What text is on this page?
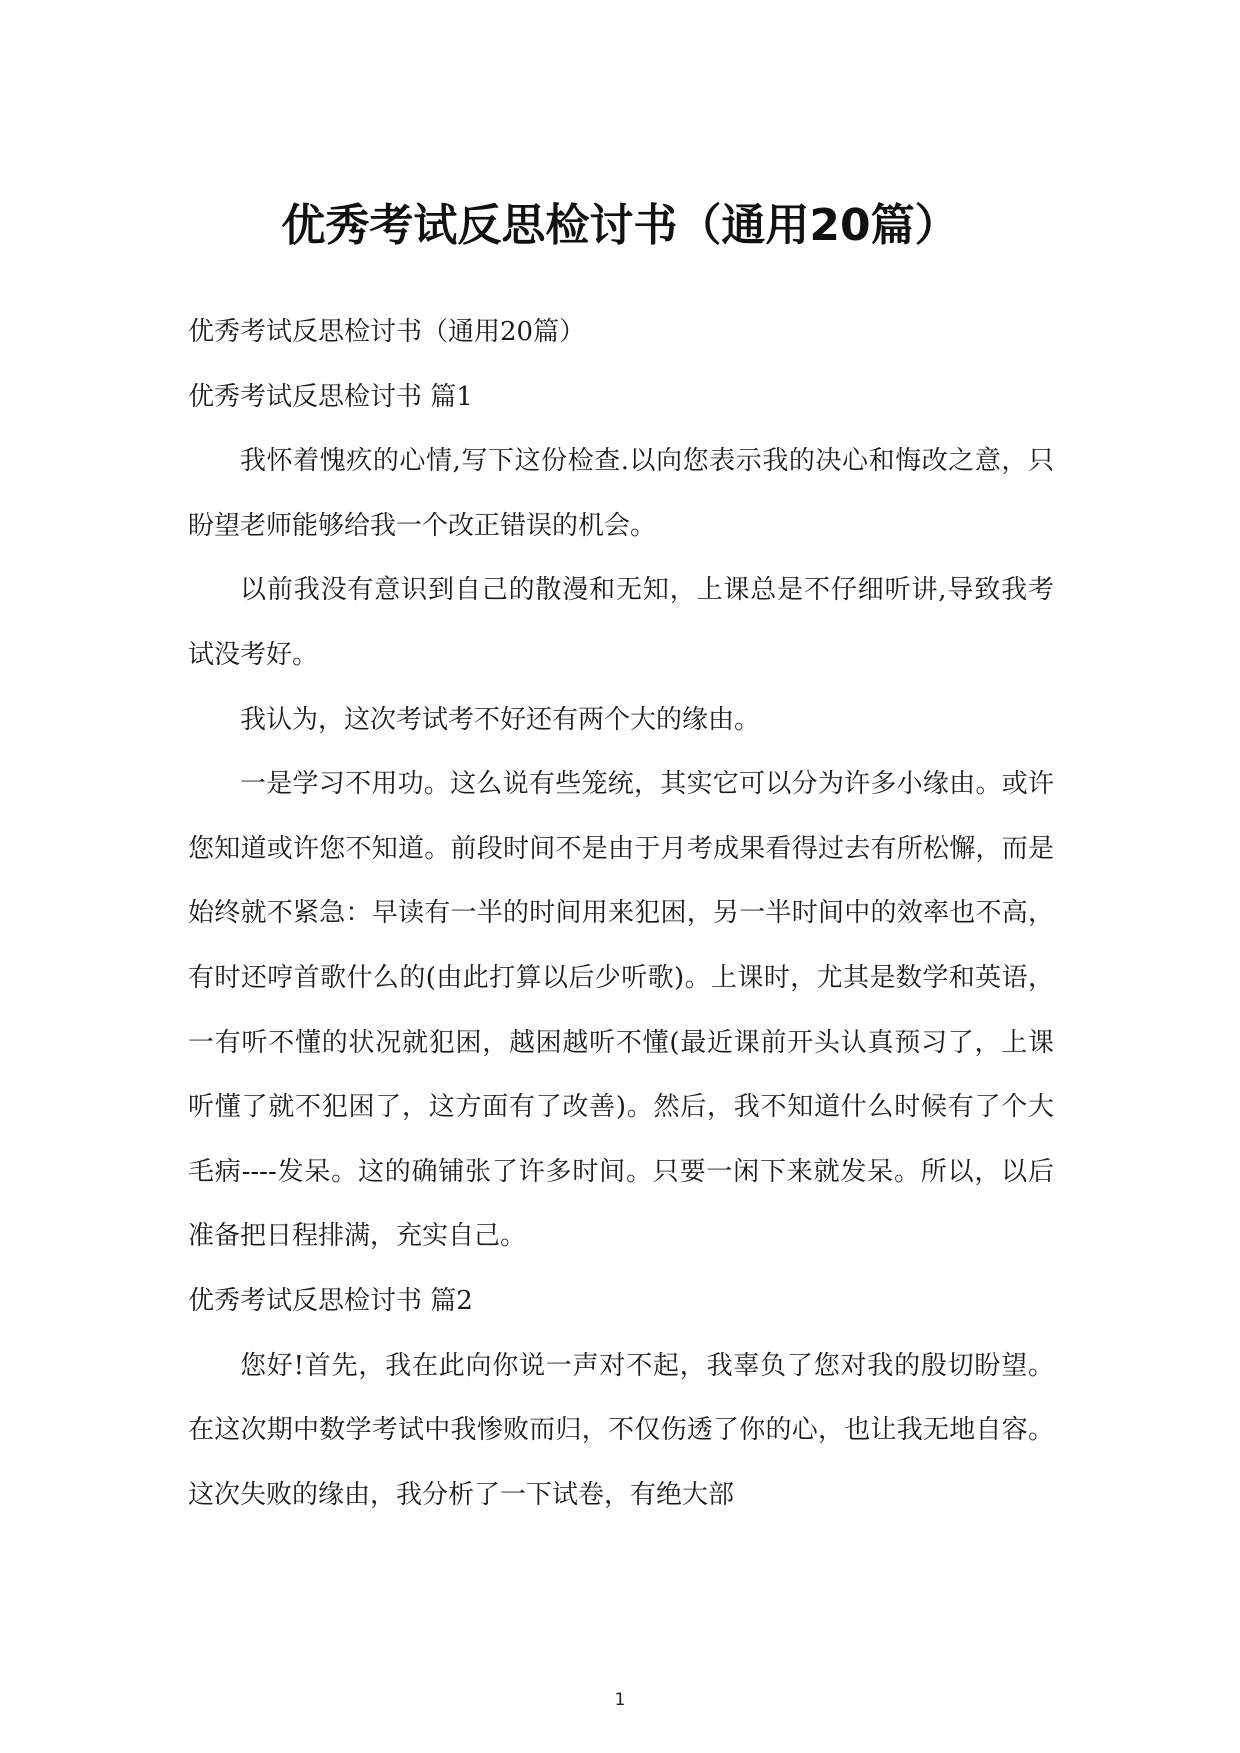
优秀考试反思检讨书（通用20篇）

优秀考试反思检讨书（通用20篇）

优秀考试反思检讨书 篇1

我怀着愧疚的心情,写下这份检查.以向您表示我的决心和悔改之意，只盼望老师能够给我一个改正错误的机会。

以前我没有意识到自己的散漫和无知，上课总是不仔细听讲,导致我考试没考好。

我认为，这次考试考不好还有两个大的缘由。

一是学习不用功。这么说有些笼统，其实它可以分为许多小缘由。或许您知道或许您不知道。前段时间不是由于月考成果看得过去有所松懈，而是始终就不紧急：早读有一半的时间用来犯困，另一半时间中的效率也不高，有时还哼首歌什么的(由此打算以后少听歌)。上课时，尤其是数学和英语，一有听不懂的状况就犯困，越困越听不懂(最近课前开头认真预习了，上课听懂了就不犯困了，这方面有了改善)。然后，我不知道什么时候有了个大毛病----发呆。这的确铺张了许多时间。只要一闲下来就发呆。所以，以后准备把日程排满，充实自己。

优秀考试反思检讨书 篇2

您好!首先，我在此向你说一声对不起，我辜负了您对我的殷切盼望。在这次期中数学考试中我惨败而归，不仅伤透了你的心，也让我无地自容。这次失败的缘由，我分析了一下试卷，有绝大部

1
